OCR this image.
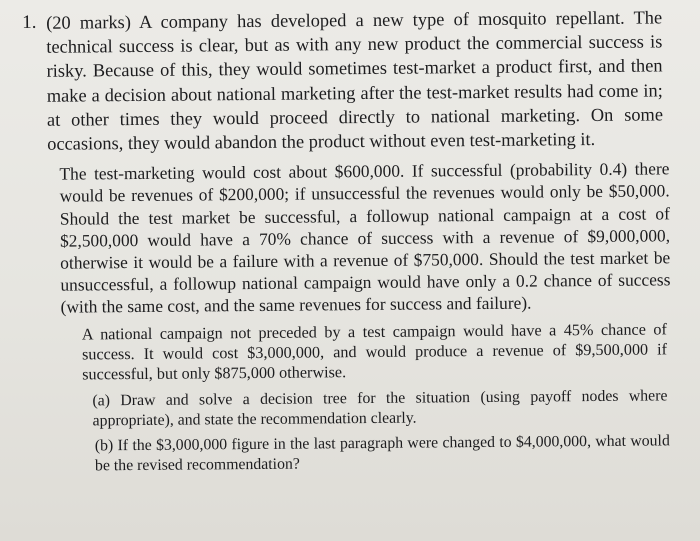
1. (20 marks) A company has developed a new type of mosquito repellant. The technical success is clear, but as with any new product the commercial success is risky. Because of this, they would sometimes test-market a product first, and then make a decision about national marketing after the test-market results had come in; at other times they would proceed directly to national marketing. On some occasions, they would abandon the product without even test-marketing it.

The test-marketing would cost about $600,000. If successful (probability 0.4) there would be revenues of $200,000; if unsuccessful the revenues would only be $50,000. Should the test market be successful, a followup national campaign at a cost of $2,500,000 would have a 70% chance of success with a revenue of $9,000,000, otherwise it would be a failure with a revenue of $750,000. Should the test market be unsuccessful, a followup national campaign would have only a 0.2 chance of success (with the same cost, and the same revenues for success and failure).

A national campaign not preceded by a test campaign would have a 45% chance of success. It would cost $3,000,000, and would produce a revenue of $9,500,000 if successful, but only $875,000 otherwise.

(a) Draw and solve a decision tree for the situation (using payoff nodes where appropriate), and state the recommendation clearly.

(b) If the $3,000,000 figure in the last paragraph were changed to $4,000,000, what would be the revised recommendation?
